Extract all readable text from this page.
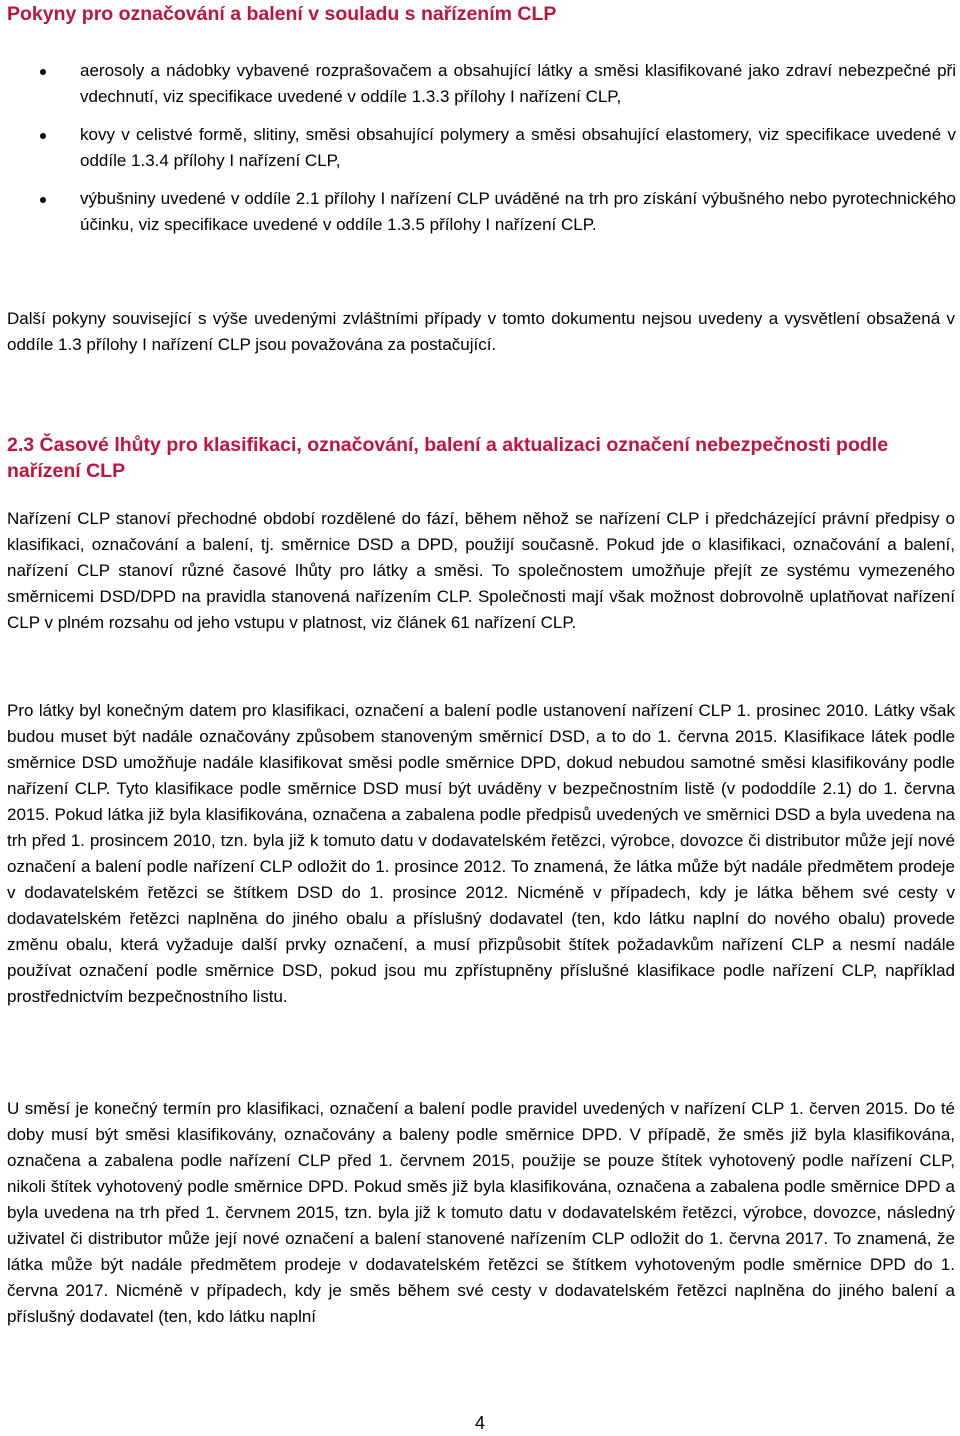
Pokyny pro označování a balení v souladu s nařízením CLP
aerosoly a nádobky vybavené rozprašovačem a obsahující látky a směsi klasifikované jako zdraví nebezpečné při vdechnutí, viz specifikace uvedené v oddíle 1.3.3 přílohy I nařízení CLP,
kovy v celistvé formě, slitiny, směsi obsahující polymery a směsi obsahující elastomery, viz specifikace uvedené v oddíle 1.3.4 přílohy I nařízení CLP,
výbušniny uvedené v oddíle 2.1 přílohy I nařízení CLP uváděné na trh pro získání výbušného nebo pyrotechnického účinku, viz specifikace uvedené v oddíle 1.3.5 přílohy I nařízení CLP.

Další pokyny související s výše uvedenými zvláštními případy v tomto dokumentu nejsou uvedeny a vysvětlení obsažená v oddíle 1.3 přílohy I nařízení CLP jsou považována za postačující.

2.3 Časové lhůty pro klasifikaci, označování, balení a aktualizaci označení nebezpečnosti podle nařízení CLP

Nařízení CLP stanoví přechodné období rozdělené do fází, během něhož se nařízení CLP i předcházející právní předpisy o klasifikaci, označování a balení, tj. směrnice DSD a DPD, použijí současně. Pokud jde o klasifikaci, označování a balení, nařízení CLP stanoví různé časové lhůty pro látky a směsi. To společnostem umožňuje přejít ze systému vymezeného směrnicemi DSD/DPD na pravidla stanovená nařízením CLP. Společnosti mají však možnost dobrovolně uplatňovat nařízení CLP v plném rozsahu od jeho vstupu v platnost, viz článek 61 nařízení CLP.

Pro látky byl konečným datem pro klasifikaci, označení a balení podle ustanovení nařízení CLP 1. prosinec 2010. Látky však budou muset být nadále označovány způsobem stanoveným směrnicí DSD, a to do 1. června 2015. Klasifikace látek podle směrnice DSD umožňuje nadále klasifikovat směsi podle směrnice DPD, dokud nebudou samotné směsi klasifikovány podle nařízení CLP. Tyto klasifikace podle směrnice DSD musí být uváděny v bezpečnostním listě (v pododdíle 2.1) do 1. června 2015. Pokud látka již byla klasifikována, označena a zabalena podle předpisů uvedených ve směrnici DSD a byla uvedena na trh před 1. prosincem 2010, tzn. byla již k tomuto datu v dodavatelském řetězci, výrobce, dovozce či distributor může její nové označení a balení podle nařízení CLP odložit do 1. prosince 2012. To znamená, že látka může být nadále předmětem prodeje v dodavatelském řetězci se štítkem DSD do 1. prosince 2012. Nicméně v případech, kdy je látka během své cesty v dodavatelském řetězci naplněna do jiného obalu a příslušný dodavatel (ten, kdo látku naplní do nového obalu) provede změnu obalu, která vyžaduje další prvky označení, a musí přizpůsobit štítek požadavkům nařízení CLP a nesmí nadále používat označení podle směrnice DSD, pokud jsou mu zpřístupněny příslušné klasifikace podle nařízení CLP, například prostřednictvím bezpečnostního listu.

U směsí je konečný termín pro klasifikaci, označení a balení podle pravidel uvedených v nařízení CLP 1. červen 2015. Do té doby musí být směsi klasifikovány, označovány a baleny podle směrnice DPD. V případě, že směs již byla klasifikována, označena a zabalena podle nařízení CLP před 1. červnem 2015, použije se pouze štítek vyhotovený podle nařízení CLP, nikoli štítek vyhotovený podle směrnice DPD. Pokud směs již byla klasifikována, označena a zabalena podle směrnice DPD a byla uvedena na trh před 1. červnem 2015, tzn. byla již k tomuto datu v dodavatelském řetězci, výrobce, dovozce, následný uživatel či distributor může její nové označení a balení stanovené nařízením CLP odložit do 1. června 2017. To znamená, že látka může být nadále předmětem prodeje v dodavatelském řetězci se štítkem vyhotoveným podle směrnice DPD do 1. června 2017. Nicméně v případech, kdy je směs během své cesty v dodavatelském řetězci naplněna do jiného balení a příslušný dodavatel (ten, kdo látku naplní

4
